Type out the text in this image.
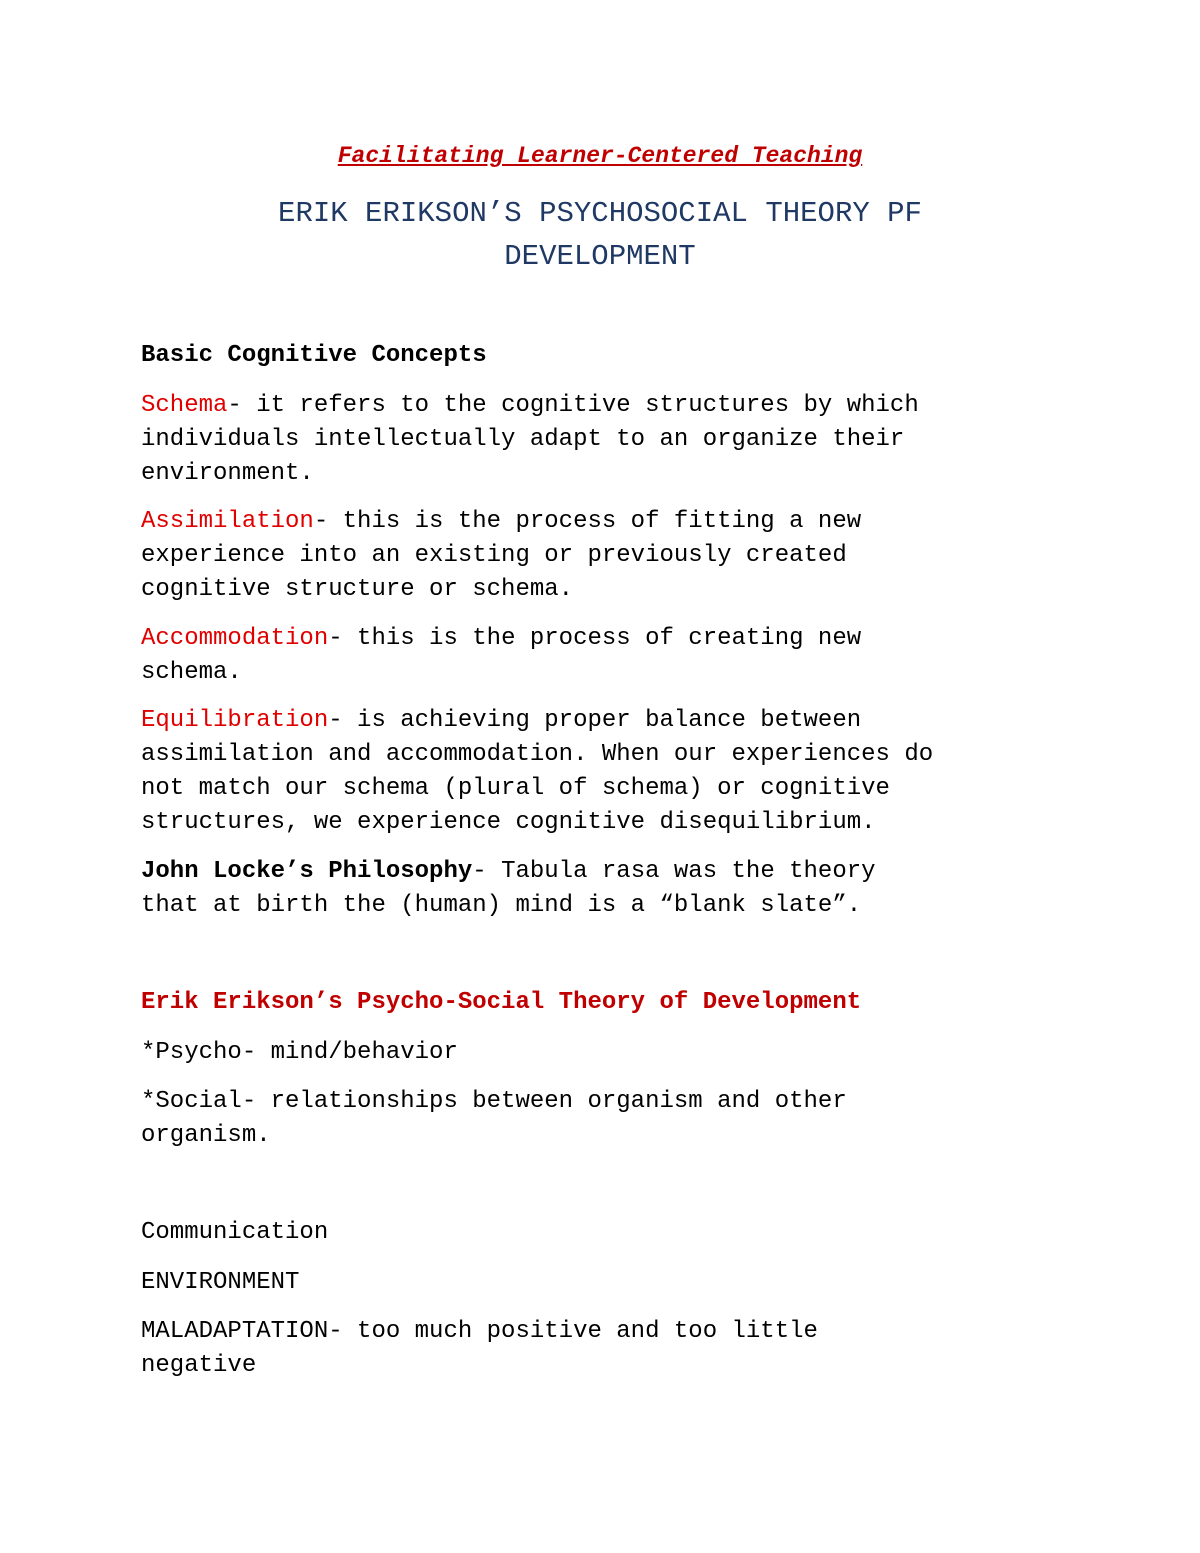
Facilitating Learner-Centered Teaching
ERIK ERIKSON’S PSYCHOSOCIAL THEORY PF
DEVELOPMENT
Basic Cognitive Concepts
Schema- it refers to the cognitive structures by which
individuals intellectually adapt to an organize their
environment.
Assimilation- this is the process of fitting a new
experience into an existing or previously created
cognitive structure or schema.
Accommodation- this is the process of creating new
schema.
Equilibration- is achieving proper balance between
assimilation and accommodation. When our experiences do
not match our schema (plural of schema) or cognitive
structures, we experience cognitive disequilibrium.
John Locke’s Philosophy- Tabula rasa was the theory
that at birth the (human) mind is a “blank slate”.
Erik Erikson’s Psycho-Social Theory of Development
*Psycho- mind/behavior
*Social- relationships between organism and other
organism.
Communication
ENVIRONMENT
MALADAPTATION- too much positive and too little
negative
